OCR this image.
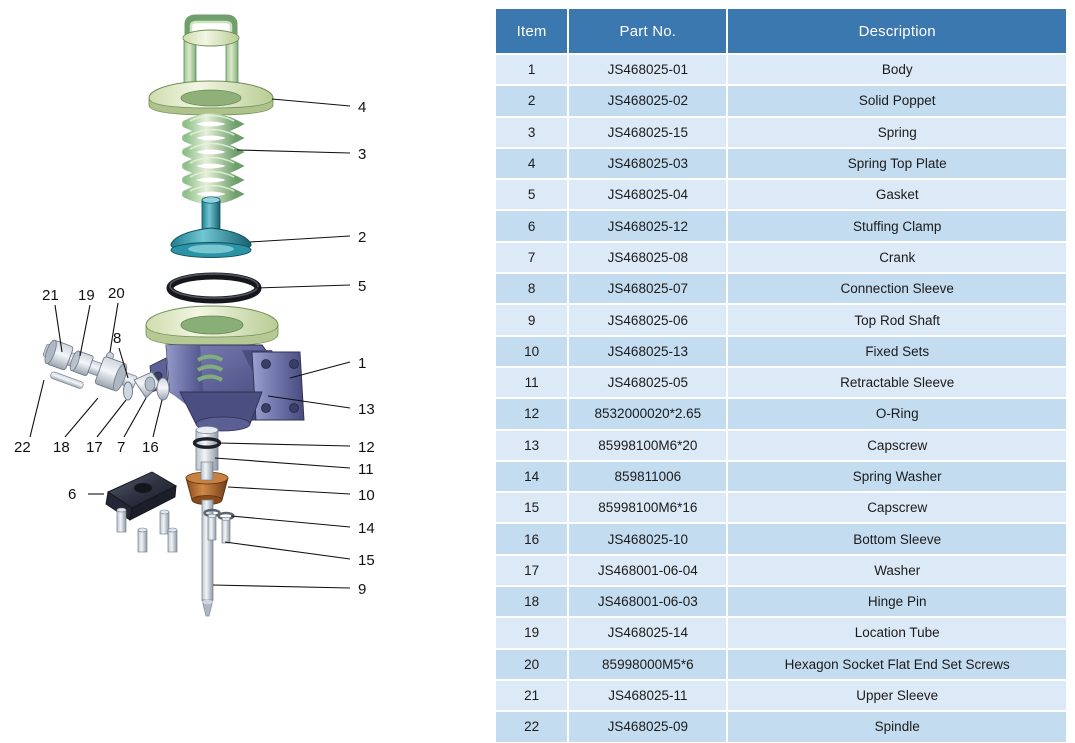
4
3
2
5
1
13
12
11
10
14
15
9
6
21 19 20
8
22 18 17 7 16
Item	Part No.	Description
1	JS468025-01	Body
2	JS468025-02	Solid Poppet
3	JS468025-15	Spring
4	JS468025-03	Spring Top Plate
5	JS468025-04	Gasket
6	JS468025-12	Stuffing Clamp
7	JS468025-08	Crank
8	JS468025-07	Connection Sleeve
9	JS468025-06	Top Rod Shaft
10	JS468025-13	Fixed Sets
11	JS468025-05	Retractable Sleeve
12	8532000020*2.65	O-Ring
13	85998100M6*20	Capscrew
14	859811006	Spring Washer
15	85998100M6*16	Capscrew
16	JS468025-10	Bottom Sleeve
17	JS468001-06-04	Washer
18	JS468001-06-03	Hinge Pin
19	JS468025-14	Location Tube
20	85998000M5*6	Hexagon Socket Flat End Set Screws
21	JS468025-11	Upper Sleeve
22	JS468025-09	Spindle
